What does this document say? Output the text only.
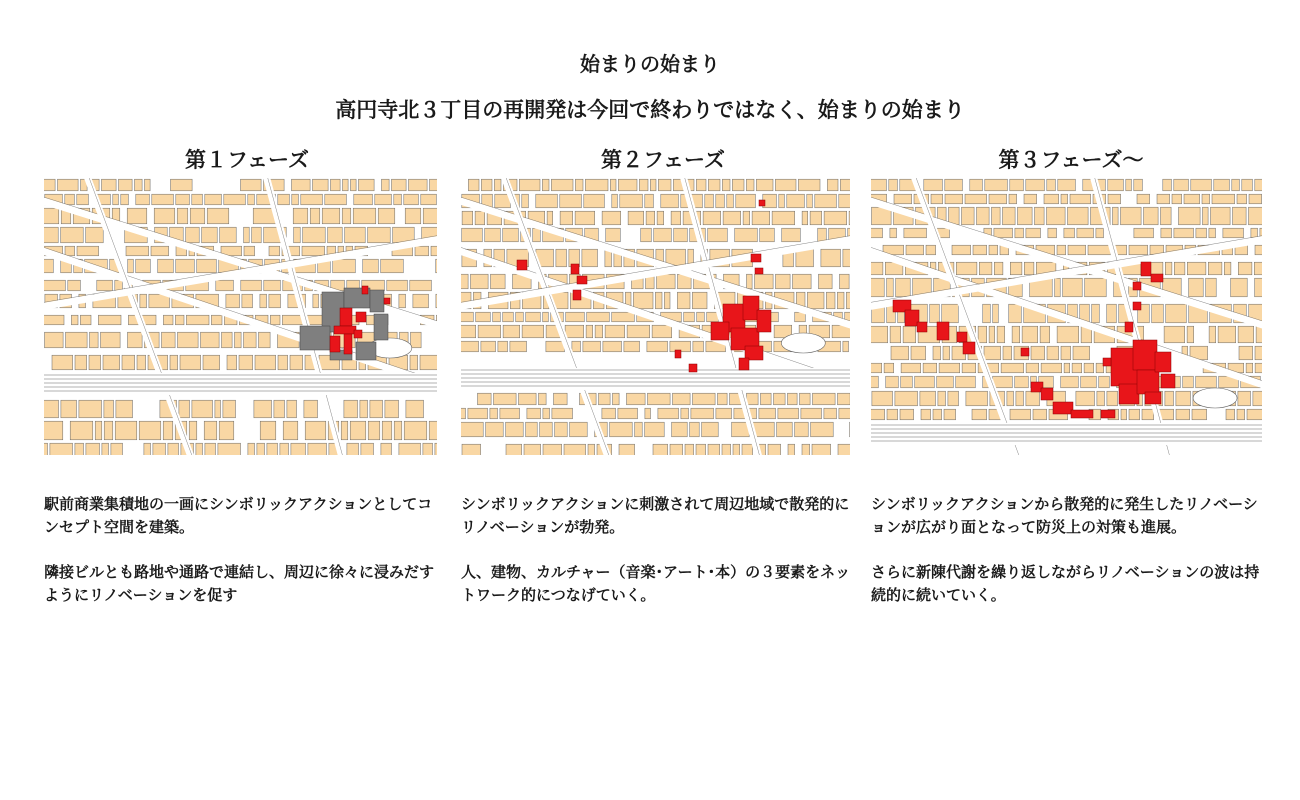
始まりの始まり
高円寺北３丁目の再開発は今回で終わりではなく、始まりの始まり
第１フェーズ

駅前商業集積地の一画にシンボリックアクションとしてコンセプト空間を建築。

隣接ビルとも路地や通路で連結し、周辺に徐々に浸みだすようにリノベーションを促す

第２フェーズ

シンボリックアクションに刺激されて周辺地域で散発的にリノベーションが勃発。

人、建物、カルチャー（音楽･アート･本）の３要素をネットワーク的につなげていく。

第３フェーズ～

シンボリックアクションから散発的に発生したリノベーションが広がり面となって防災上の対策も進展。

さらに新陳代謝を繰り返しながらリノベーションの波は持続的に続いていく。
